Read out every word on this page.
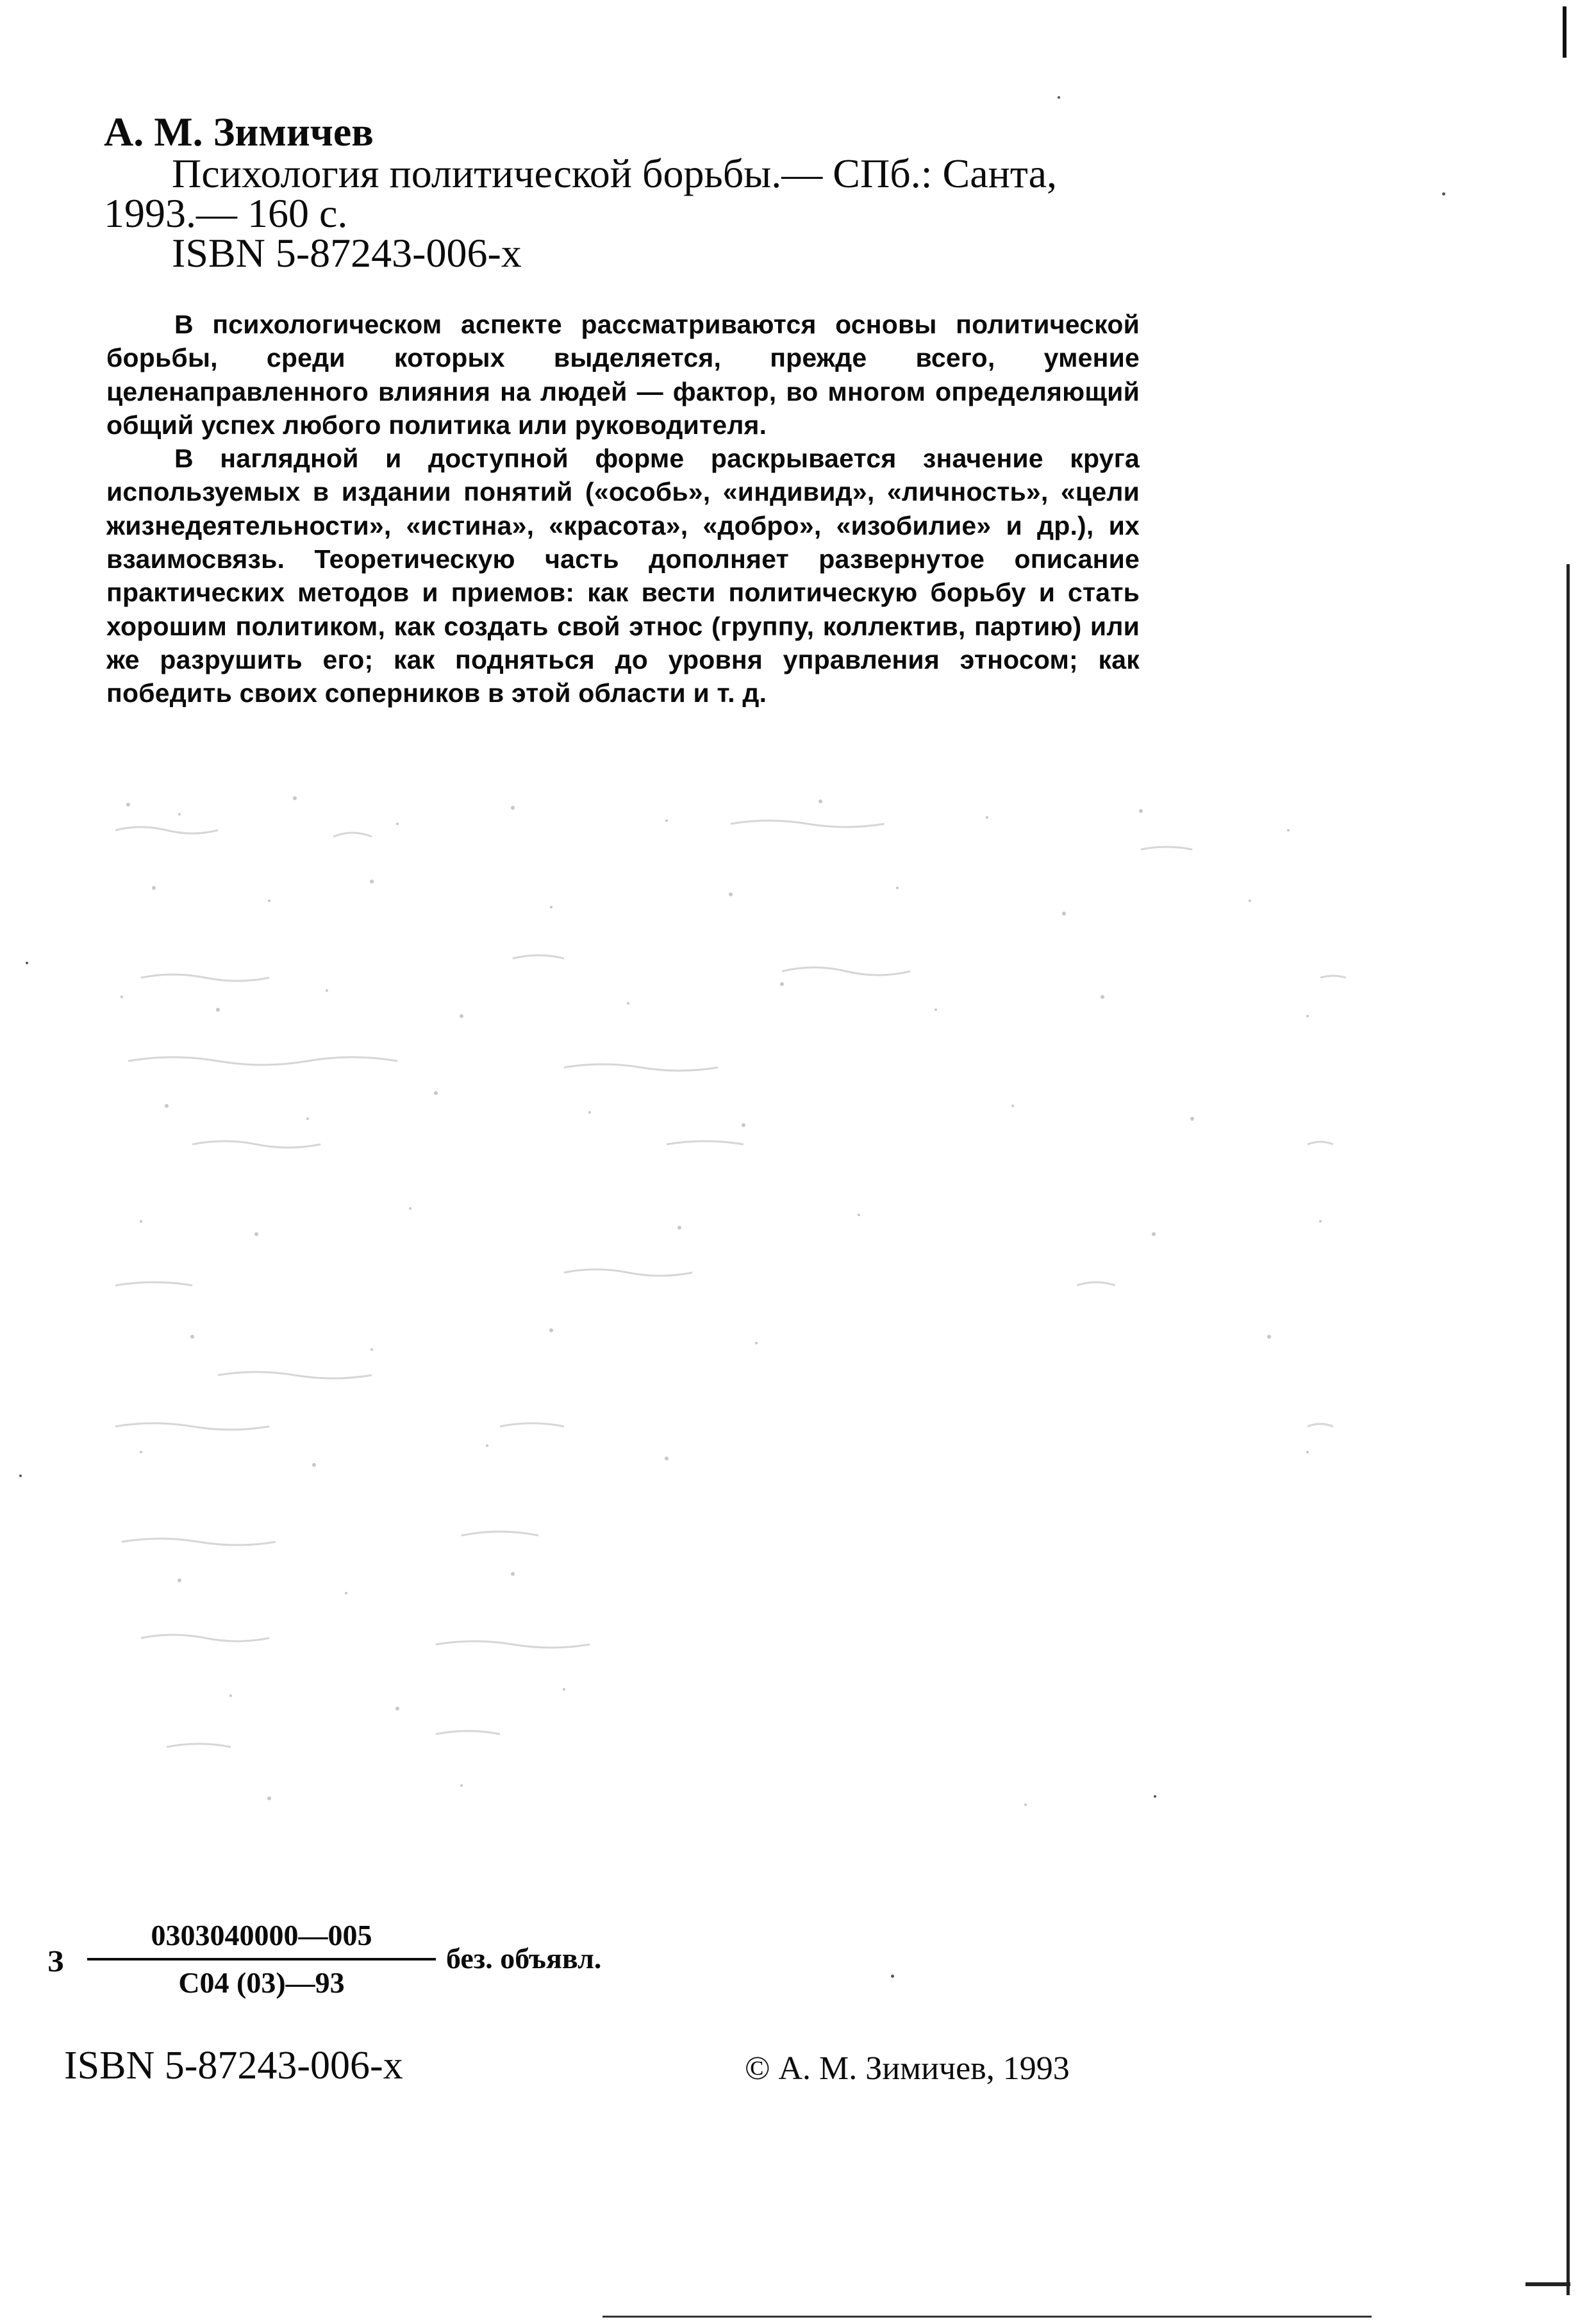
А. М. Зимичев
Психология политической борьбы.— СПб.: Санта,
1993.— 160 с.
ISBN 5-87243-006-x

В психологическом аспекте рассматриваются основы политической борьбы, среди которых выделяется, прежде всего, умение целенаправленного влияния на людей — фактор, во многом определяющий общий успех любого политика или руководителя.

В наглядной и доступной форме раскрывается значение круга используемых в издании понятий («особь», «индивид», «личность», «цели жизнедеятельности», «истина», «красота», «добро», «изобилие» и др.), их взаимосвязь. Теоретическую часть дополняет развернутое описание практических методов и приемов: как вести политическую борьбу и стать хорошим политиком, как создать свой этнос (группу, коллектив, партию) или же разрушить его; как подняться до уровня управления этносом; как победить своих соперников в этой области и т. д.

З
0303040000—005
С04 (03)—93
без. объявл.
ISBN 5-87243-006-x	© А. М. Зимичев, 1993
